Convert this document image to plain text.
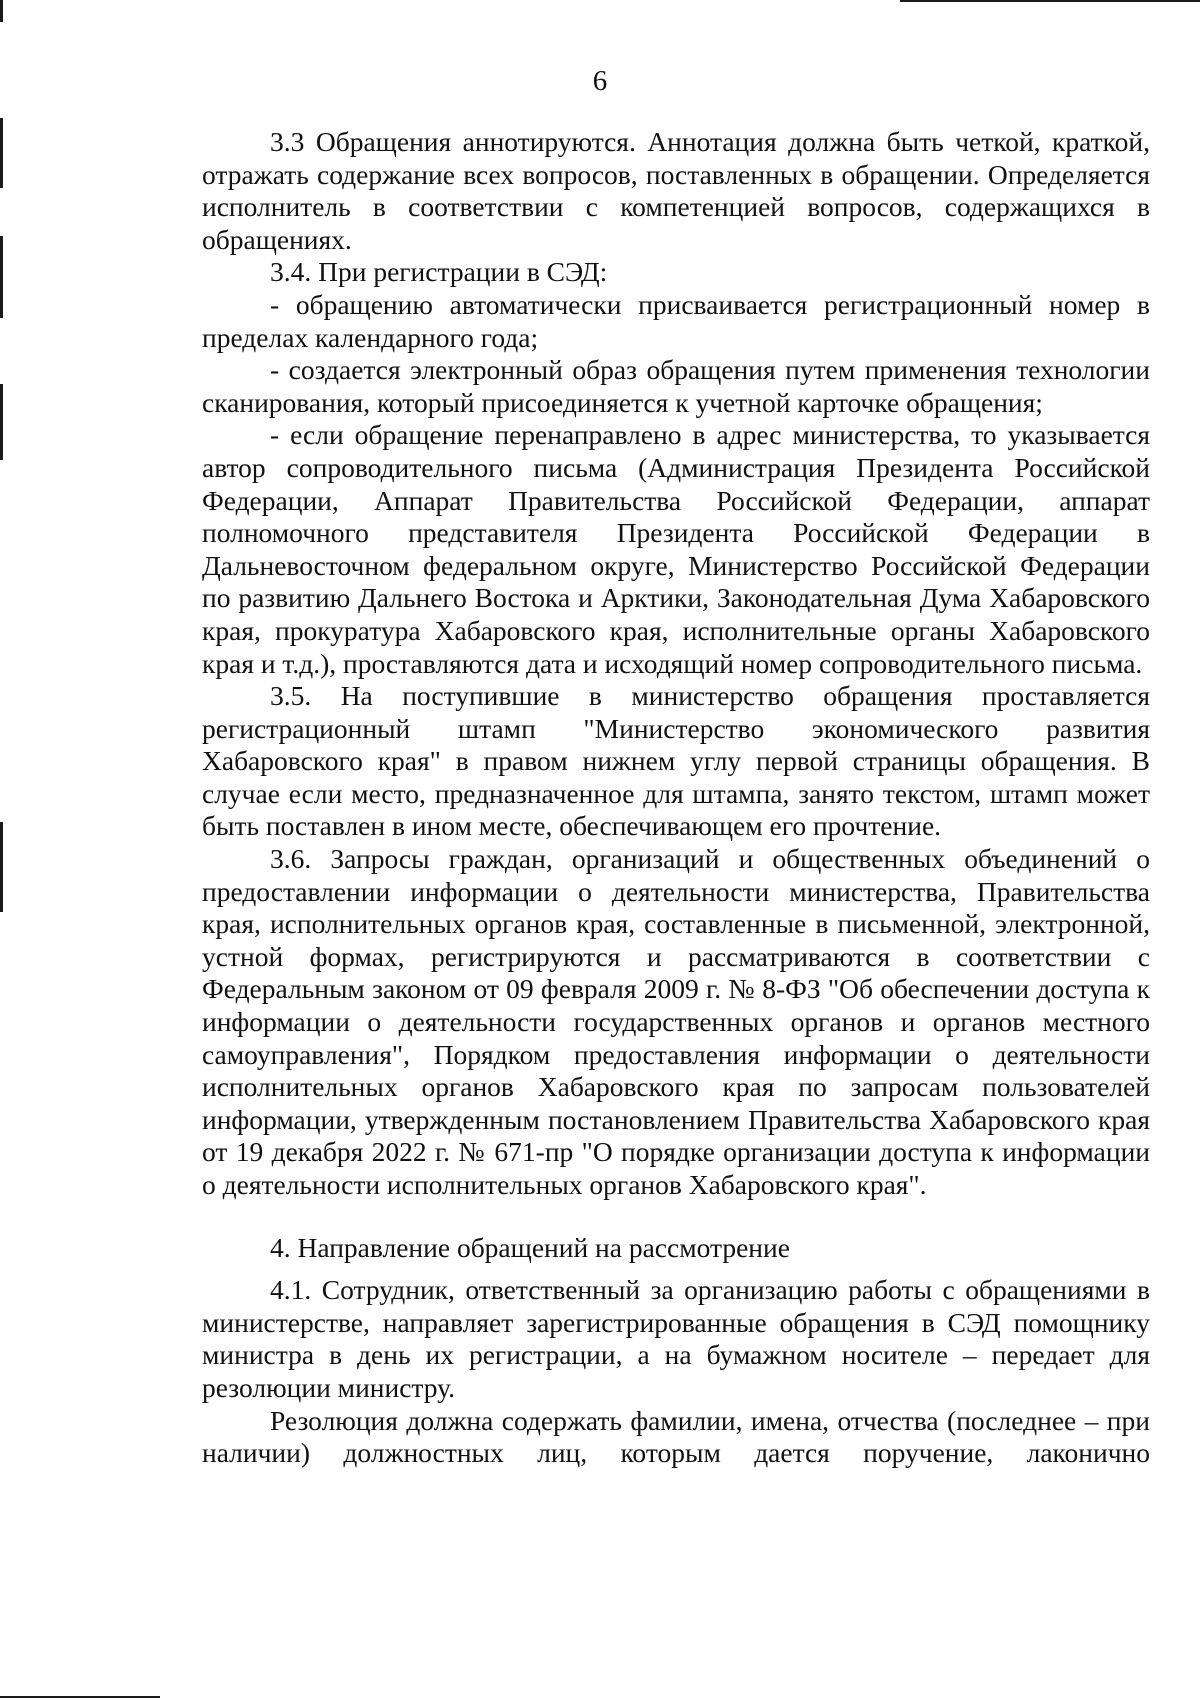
6

3.3 Обращения аннотируются. Аннотация должна быть четкой, краткой, отражать содержание всех вопросов, поставленных в обращении. Определяется исполнитель в соответствии с компетенцией вопросов, содержащихся в обращениях.

3.4. При регистрации в СЭД:

- обращению автоматически присваивается регистрационный номер в пределах календарного года;

- создается электронный образ обращения путем применения технологии сканирования, который присоединяется к учетной карточке обращения;

- если обращение перенаправлено в адрес министерства, то указывается автор сопроводительного письма (Администрация Президента Российской Федерации, Аппарат Правительства Российской Федерации, аппарат полномочного представителя Президента Российской Федерации в Дальневосточном федеральном округе, Министерство Российской Федерации по развитию Дальнего Востока и Арктики, Законодательная Дума Хабаровского края, прокуратура Хабаровского края, исполнительные органы Хабаровского края и т.д.), проставляются дата и исходящий номер сопроводительного письма.

3.5. На поступившие в министерство обращения проставляется регистрационный штамп "Министерство экономического развития Хабаровского края" в правом нижнем углу первой страницы обращения. В случае если место, предназначенное для штампа, занято текстом, штамп может быть поставлен в ином месте, обеспечивающем его прочтение.

3.6. Запросы граждан, организаций и общественных объединений о предоставлении информации о деятельности министерства, Правительства края, исполнительных органов края, составленные в письменной, электронной, устной формах, регистрируются и рассматриваются в соответствии с Федеральным законом от 09 февраля 2009 г. № 8-ФЗ "Об обеспечении доступа к информации о деятельности государственных органов и органов местного самоуправления", Порядком предоставления информации о деятельности исполнительных органов Хабаровского края по запросам пользователей информации, утвержденным постановлением Правительства Хабаровского края от 19 декабря 2022 г. № 671-пр "О порядке организации доступа к информации о деятельности исполнительных органов Хабаровского края".

4. Направление обращений на рассмотрение

4.1. Сотрудник, ответственный за организацию работы с обращениями в министерстве, направляет зарегистрированные обращения в СЭД помощнику министра в день их регистрации, а на бумажном носителе – передает для резолюции министру.

Резолюция должна содержать фамилии, имена, отчества (последнее – при наличии) должностных лиц, которым дается поручение, лаконично
